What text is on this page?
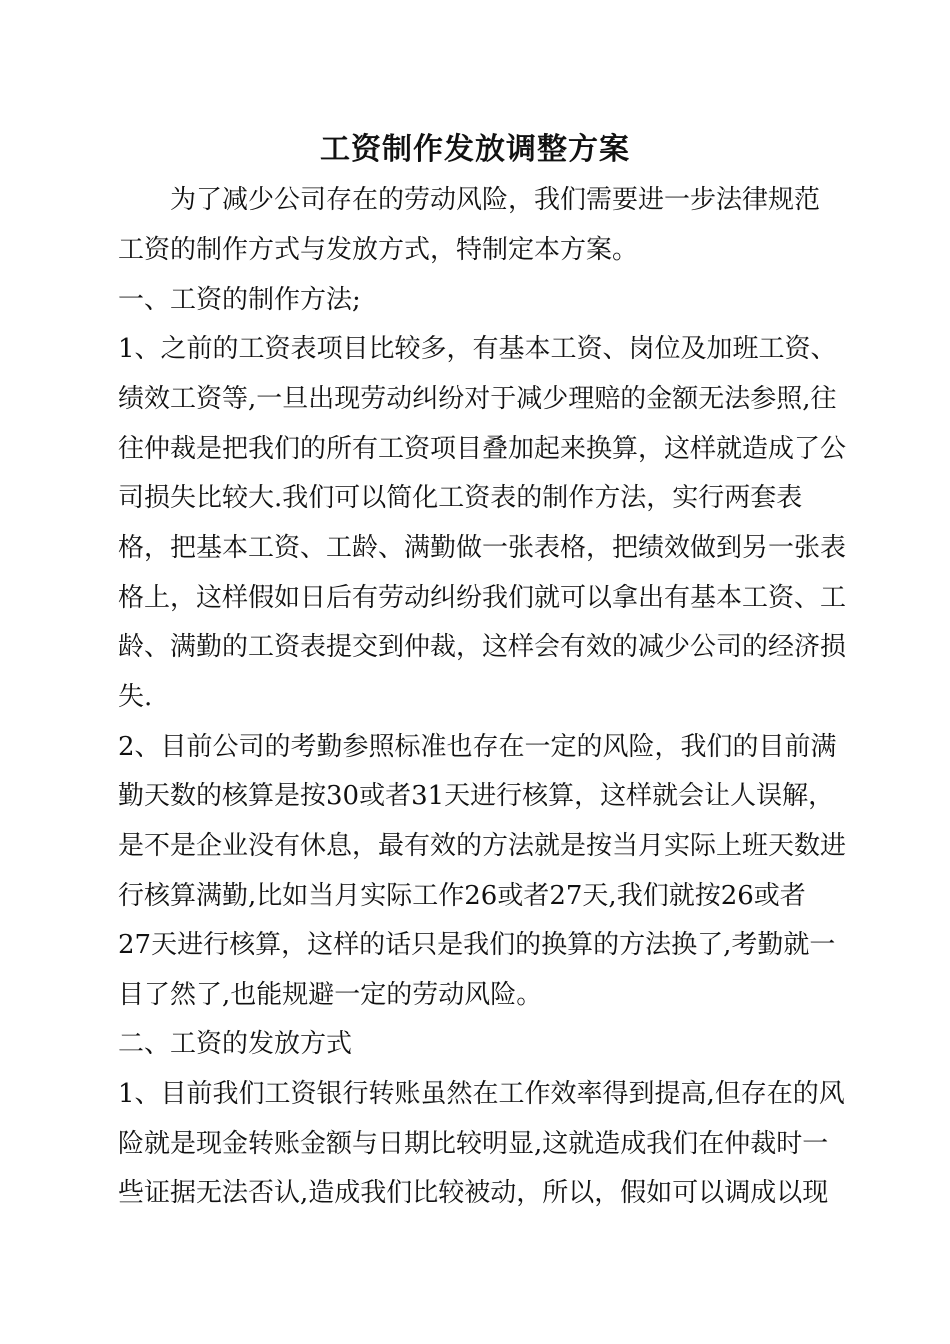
工资制作发放调整方案

为了减少公司存在的劳动风险，我们需要进一步法律规范

工资的制作方式与发放方式，特制定本方案。

一、工资的制作方法;

1、之前的工资表项目比较多，有基本工资、岗位及加班工资、

绩效工资等,一旦出现劳动纠纷对于减少理赔的金额无法参照,往

往仲裁是把我们的所有工资项目叠加起来换算，这样就造成了公

司损失比较大.我们可以简化工资表的制作方法，实行两套表

格，把基本工资、工龄、满勤做一张表格，把绩效做到另一张表

格上，这样假如日后有劳动纠纷我们就可以拿出有基本工资、工

龄、满勤的工资表提交到仲裁，这样会有效的减少公司的经济损

失.

2、目前公司的考勤参照标准也存在一定的风险，我们的目前满

勤天数的核算是按30或者31天进行核算，这样就会让人误解，

是不是企业没有休息，最有效的方法就是按当月实际上班天数进

行核算满勤,比如当月实际工作26或者27天,我们就按26或者

27天进行核算，这样的话只是我们的换算的方法换了,考勤就一

目了然了,也能规避一定的劳动风险。

二、工资的发放方式

1、目前我们工资银行转账虽然在工作效率得到提高,但存在的风

险就是现金转账金额与日期比较明显,这就造成我们在仲裁时一

些证据无法否认,造成我们比较被动，所以，假如可以调成以现
